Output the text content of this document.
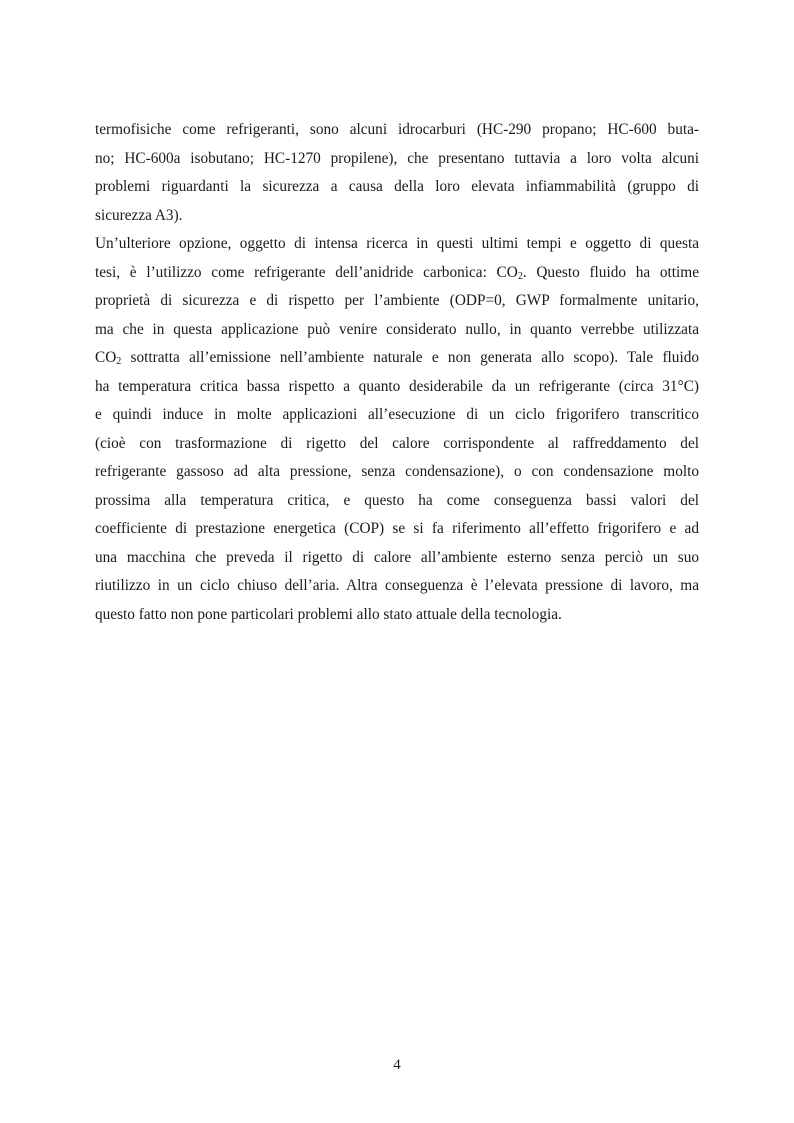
termofisiche come refrigeranti, sono alcuni idrocarburi (HC-290 propano; HC-600 buta-
no; HC-600a isobutano; HC-1270 propilene), che presentano tuttavia a loro volta alcuni
problemi riguardanti la sicurezza a causa della loro elevata infiammabilità (gruppo di
sicurezza A3).
Un’ulteriore opzione, oggetto di intensa ricerca in questi ultimi tempi e oggetto di questa
tesi, è l’utilizzo come refrigerante dell’anidride carbonica: $CO_2$. Questo fluido ha ottime
proprietà di sicurezza e di rispetto per l’ambiente (ODP=0, GWP formalmente unitario,
ma che in questa applicazione può venire considerato nullo, in quanto verrebbe utilizzata
$CO_2$ sottratta all’emissione nell’ambiente naturale e non generata allo scopo). Tale fluido
ha temperatura critica bassa rispetto a quanto desiderabile da un refrigerante (circa 31°C)
e quindi induce in molte applicazioni all’esecuzione di un ciclo frigorifero transcritico
(cioè con trasformazione di rigetto del calore corrispondente al raffreddamento del
refrigerante gassoso ad alta pressione, senza condensazione), o con condensazione molto
prossima alla temperatura critica, e questo ha come conseguenza bassi valori del
coefficiente di prestazione energetica (COP) se si fa riferimento all’effetto frigorifero e ad
una macchina che preveda il rigetto di calore all’ambiente esterno senza perciò un suo
riutilizzo in un ciclo chiuso dell’aria. Altra conseguenza è l’elevata pressione di lavoro, ma
questo fatto non pone particolari problemi allo stato attuale della tecnologia.
4
